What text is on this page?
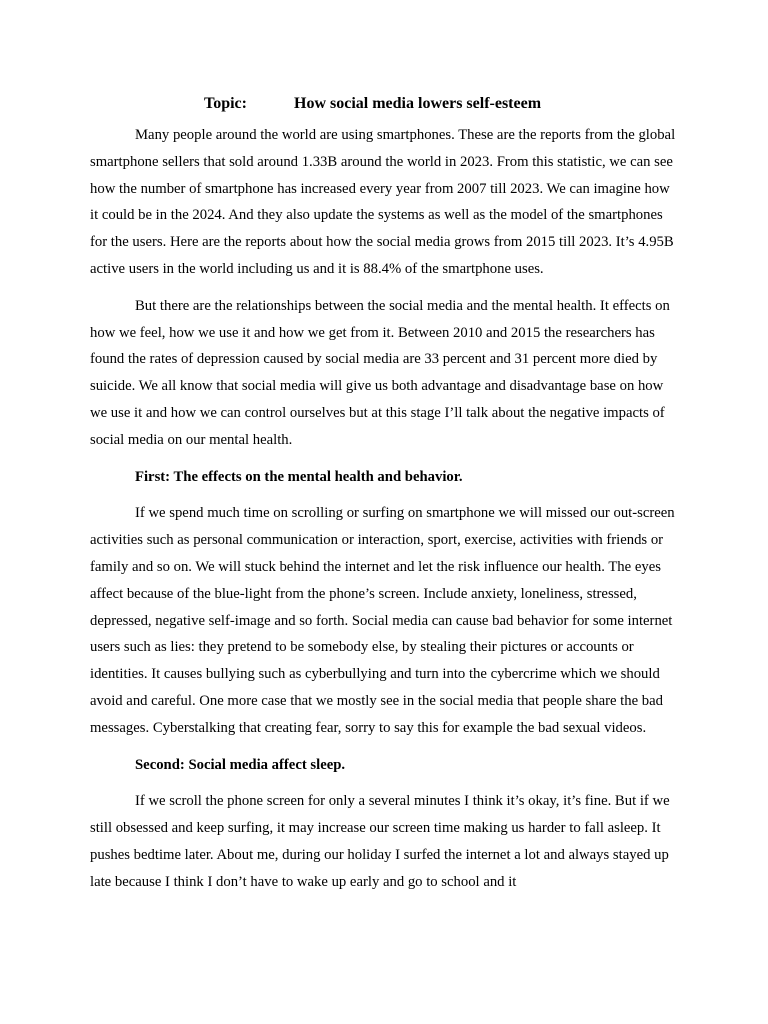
Topic:	How social media lowers self-esteem

Many people around the world are using smartphones. These are the reports from the global smartphone sellers that sold around 1.33B around the world in 2023. From this statistic, we can see how the number of smartphone has increased every year from 2007 till 2023. We can imagine how it could be in the 2024. And they also update the systems as well as the model of the smartphones for the users. Here are the reports about how the social media grows from 2015 till 2023. It’s 4.95B active users in the world including us and it is 88.4% of the smartphone uses.

But there are the relationships between the social media and the mental health. It effects on how we feel, how we use it and how we get from it. Between 2010 and 2015 the researchers has found the rates of depression caused by social media are 33 percent and 31 percent more died by suicide. We all know that social media will give us both advantage and disadvantage base on how we use it and how we can control ourselves but at this stage I’ll talk about the negative impacts of social media on our mental health.

First: The effects on the mental health and behavior.

If we spend much time on scrolling or surfing on smartphone we will missed our out-screen activities such as personal communication or interaction, sport, exercise, activities with friends or family and so on. We will stuck behind the internet and let the risk influence our health. The eyes affect because of the blue-light from the phone’s screen. Include anxiety, loneliness, stressed, depressed, negative self-image and so forth. Social media can cause bad behavior for some internet users such as lies: they pretend to be somebody else, by stealing their pictures or accounts or identities. It causes bullying such as cyberbullying and turn into the cybercrime which we should avoid and careful. One more case that we mostly see in the social media that people share the bad messages. Cyberstalking that creating fear, sorry to say this for example the bad sexual videos.

Second: Social media affect sleep.

If we scroll the phone screen for only a several minutes I think it’s okay, it’s fine. But if we still obsessed and keep surfing, it may increase our screen time making us harder to fall asleep. It pushes bedtime later. About me, during our holiday I surfed the internet a lot and always stayed up late because I think I don’t have to wake up early and go to school and it
